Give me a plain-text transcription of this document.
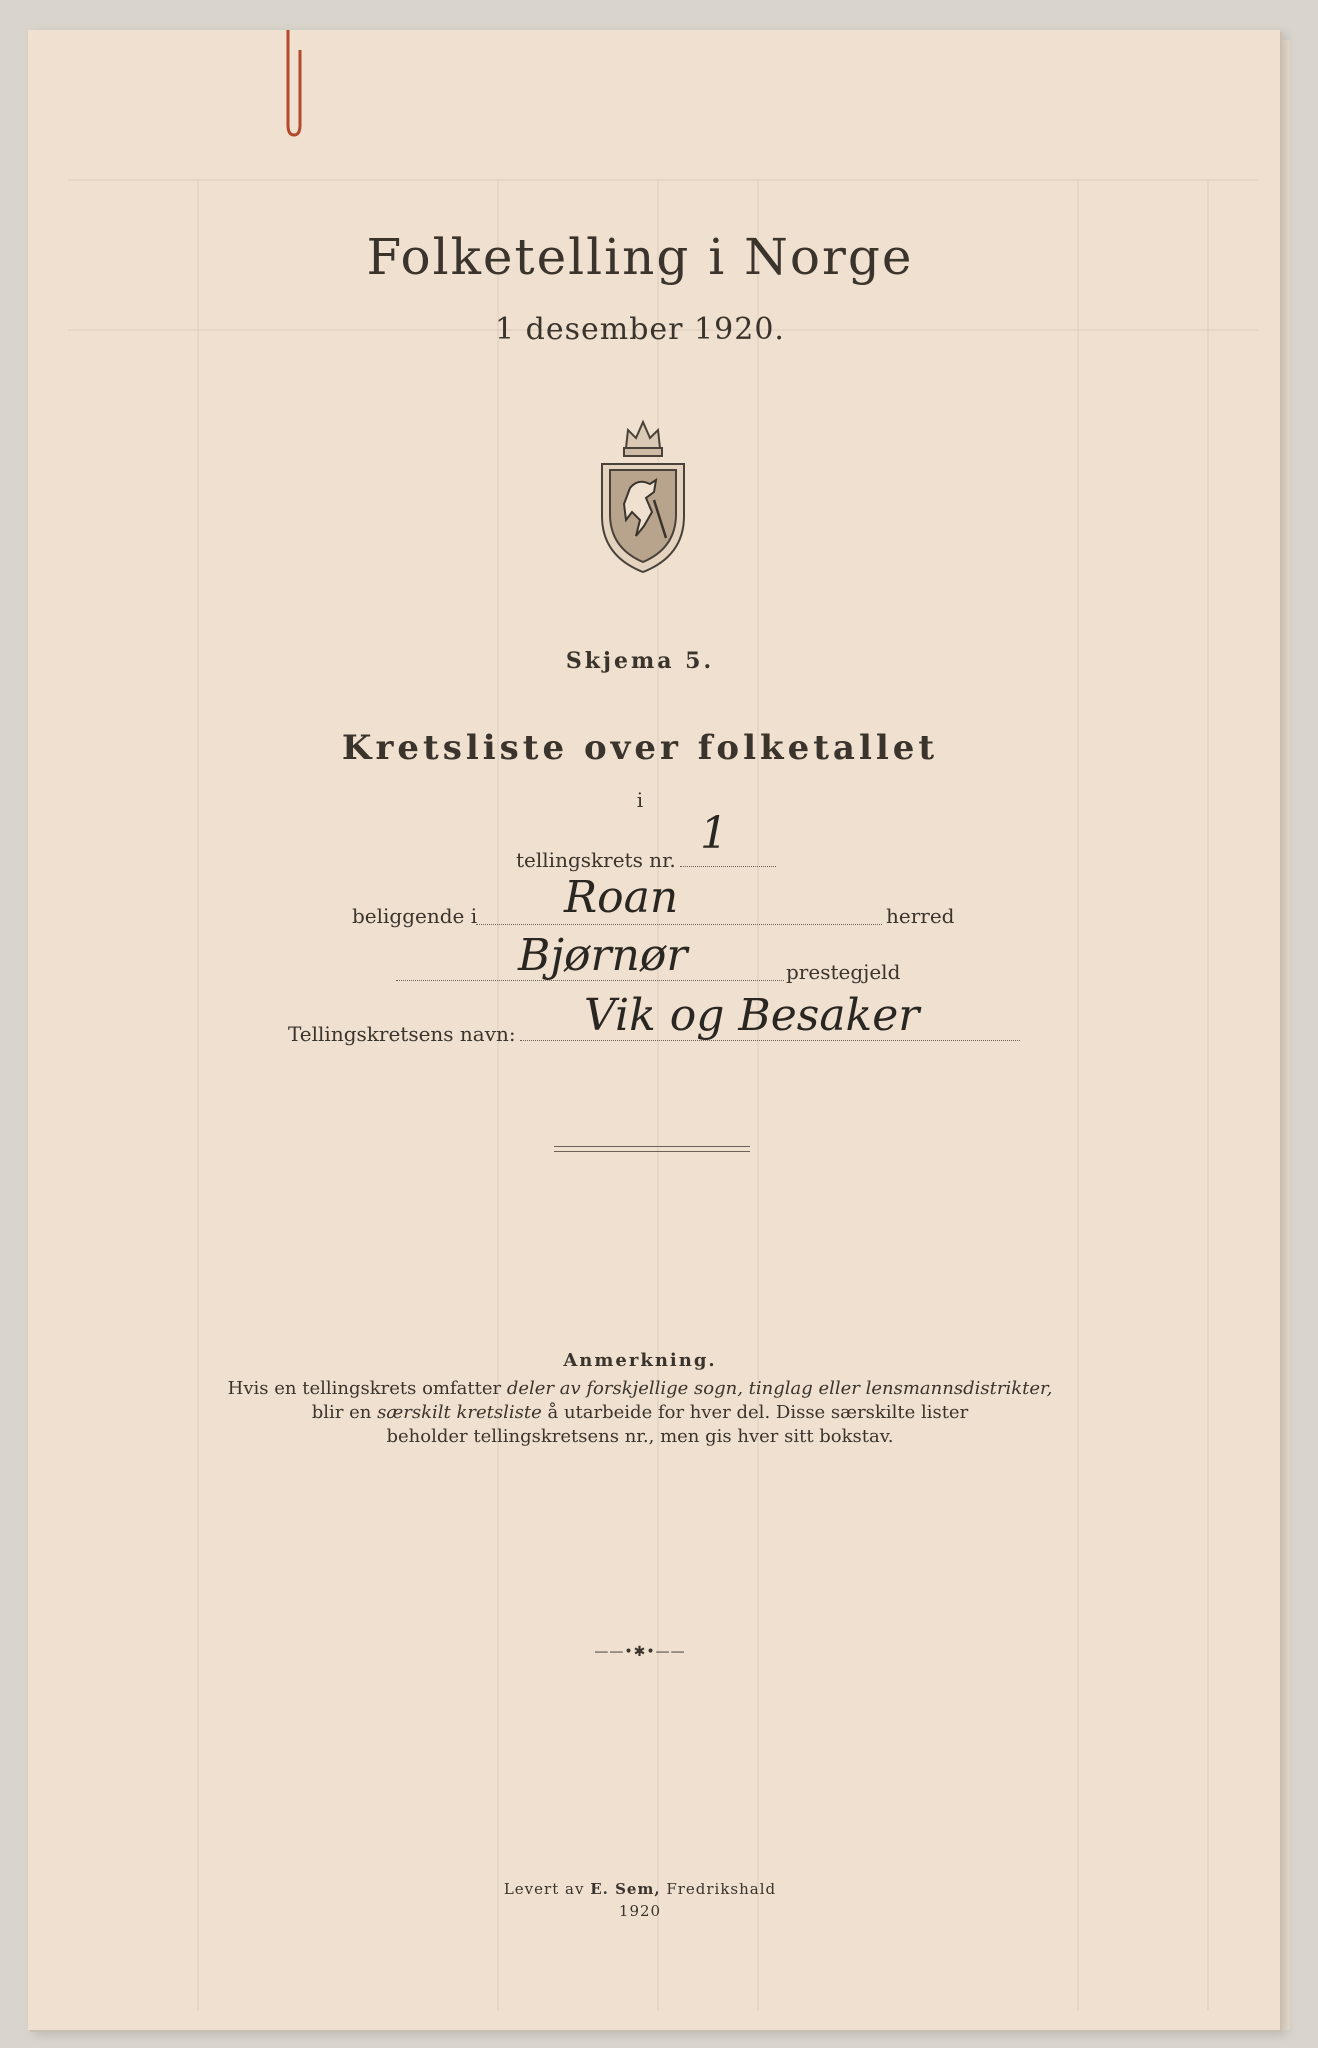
Folketelling i Norge
1 desember 1920.
Skjema 5.
Kretsliste over folketallet
i
tellingskrets nr.
1
beliggende i Roan	herred
Bjørnør	prestegjeld
Tellingskretsens navn: Vik og Besaker
Anmerkning.
Hvis en tellingskrets omfatter deler av forskjellige sogn, tinglag eller lensmannsdistrikter,
blir en særskilt kretsliste å utarbeide for hver del. Disse særskilte lister
beholder tellingskretsens nr., men gis hver sitt bokstav.
——•✱•——
Levert av E. Sem, Fredrikshald
1920
